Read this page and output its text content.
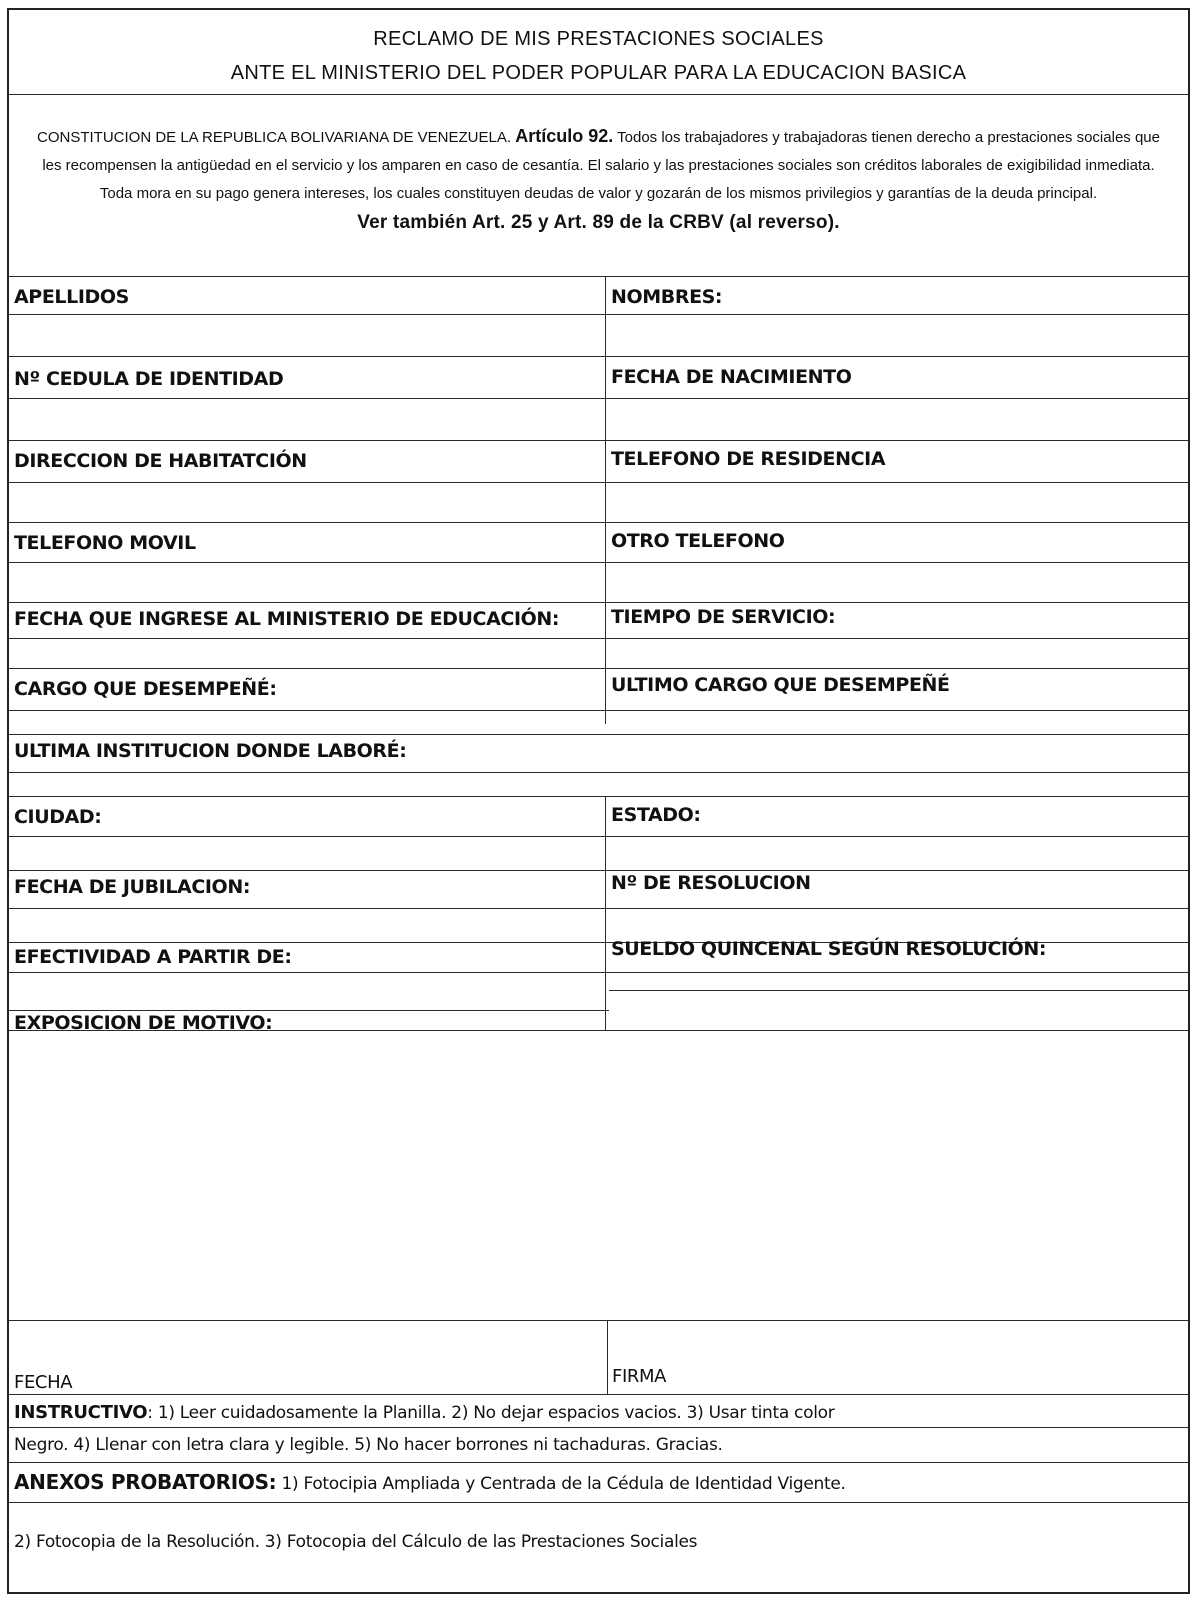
RECLAMO DE MIS PRESTACIONES SOCIALES
ANTE EL MINISTERIO DEL PODER POPULAR PARA LA EDUCACION BASICA
CONSTITUCION DE LA REPUBLICA BOLIVARIANA DE VENEZUELA. Artículo 92. Todos los trabajadores y trabajadoras tienen derecho a prestaciones sociales que les recompensen la antigüedad en el servicio y los amparen en caso de cesantía. El salario y las prestaciones sociales son créditos laborales de exigibilidad inmediata. Toda mora en su pago genera intereses, los cuales constituyen deudas de valor y gozarán de los mismos privilegios y garantías de la deuda principal.
Ver también Art. 25 y Art. 89 de la CRBV (al reverso).
APELLIDOS	NOMBRES:
Nº CEDULA DE IDENTIDAD	FECHA DE NACIMIENTO
DIRECCION DE HABITATCIÓN	TELEFONO DE RESIDENCIA
TELEFONO MOVIL	OTRO TELEFONO
FECHA QUE INGRESE AL MINISTERIO DE EDUCACIÓN:	TIEMPO DE SERVICIO:
CARGO QUE DESEMPEÑÉ:	ULTIMO CARGO QUE DESEMPEÑÉ
ULTIMA INSTITUCION DONDE LABORÉ:
CIUDAD:	ESTADO:
FECHA DE JUBILACION:	Nº DE RESOLUCION
EFECTIVIDAD A PARTIR DE:	SUELDO QUINCENAL SEGÚN RESOLUCIÓN:
EXPOSICION DE MOTIVO:
FECHA	FIRMA
INSTRUCTIVO: 1) Leer cuidadosamente la Planilla. 2) No dejar espacios vacios. 3) Usar tinta color
Negro. 4) Llenar con letra clara y legible. 5) No hacer borrones ni tachaduras. Gracias.
ANEXOS PROBATORIOS: 1) Fotocipia Ampliada y Centrada de la Cédula de Identidad Vigente.
2) Fotocopia de la Resolución. 3) Fotocopia del Cálculo de las Prestaciones Sociales
